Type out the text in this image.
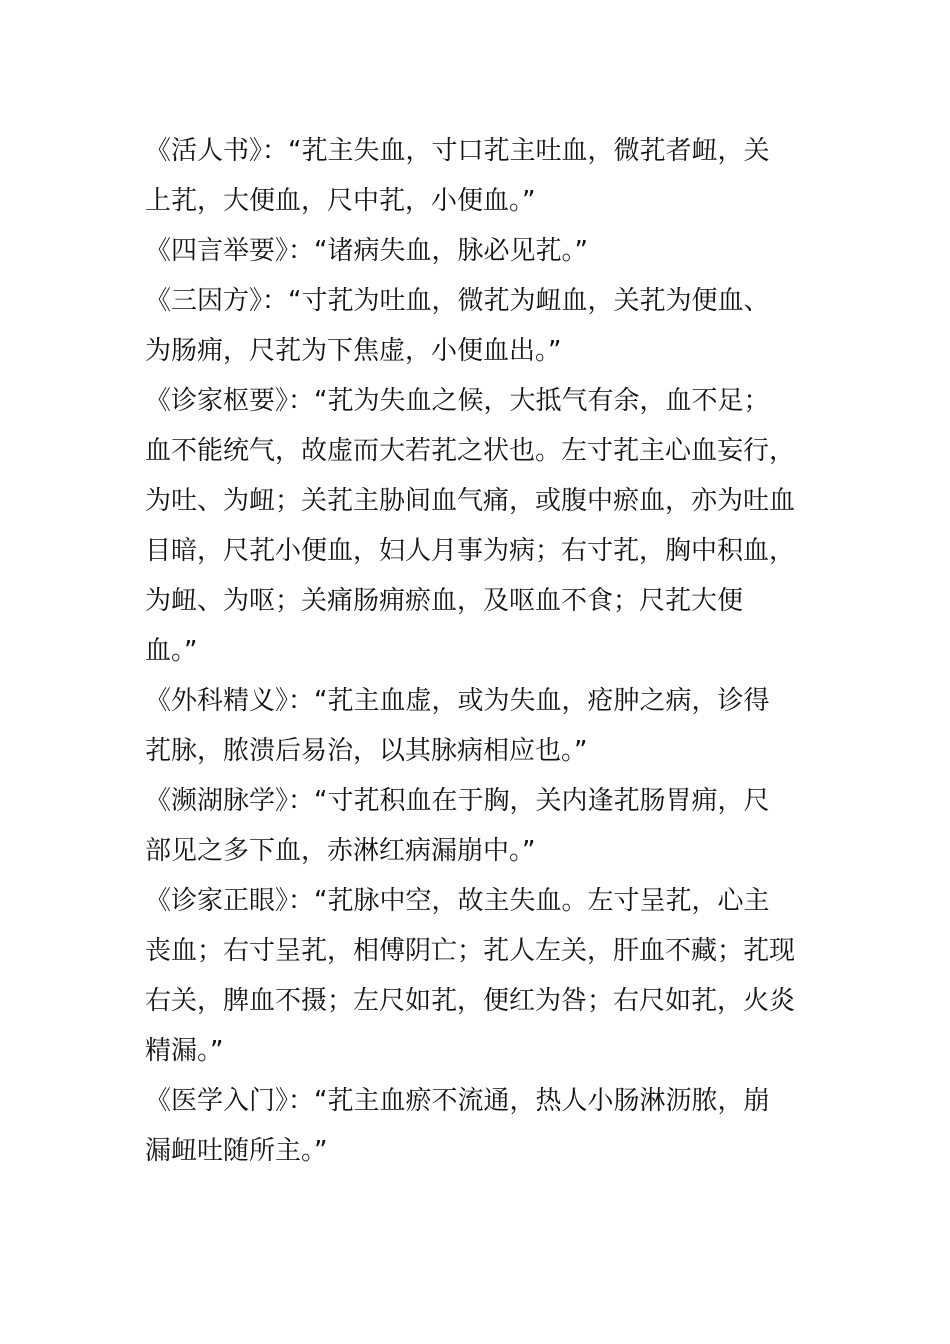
《活人书》：“芤主失血，寸口芤主吐血，微芤者衄，关
上芤，大便血，尺中芤，小便血。”
《四言举要》：“诸病失血，脉必见芤。”
《三因方》：“寸芤为吐血，微芤为衄血，关芤为便血、
为肠痈，尺芤为下焦虚，小便血出。”
《诊家枢要》：“芤为失血之候，大抵气有余，血不足；
血不能统气，故虚而大若芤之状也。左寸芤主心血妄行，
为吐、为衄；关芤主胁间血气痛，或腹中瘀血，亦为吐血
目暗，尺芤小便血，妇人月事为病；右寸芤，胸中积血，
为衄、为呕；关痛肠痈瘀血，及呕血不食；尺芤大便
血。”
《外科精义》：“芤主血虚，或为失血，疮肿之病，诊得
芤脉，脓溃后易治，以其脉病相应也。”
《濒湖脉学》：“寸芤积血在于胸，关内逢芤肠胃痈，尺
部见之多下血，赤淋红病漏崩中。”
《诊家正眼》：“芤脉中空，故主失血。左寸呈芤，心主
丧血；右寸呈芤，相傅阴亡；芤人左关，肝血不藏；芤现
右关，脾血不摄；左尺如芤，便红为咎；右尺如芤，火炎
精漏。”
《医学入门》：“芤主血瘀不流通，热人小肠淋沥脓，崩
漏衄吐随所主。”
